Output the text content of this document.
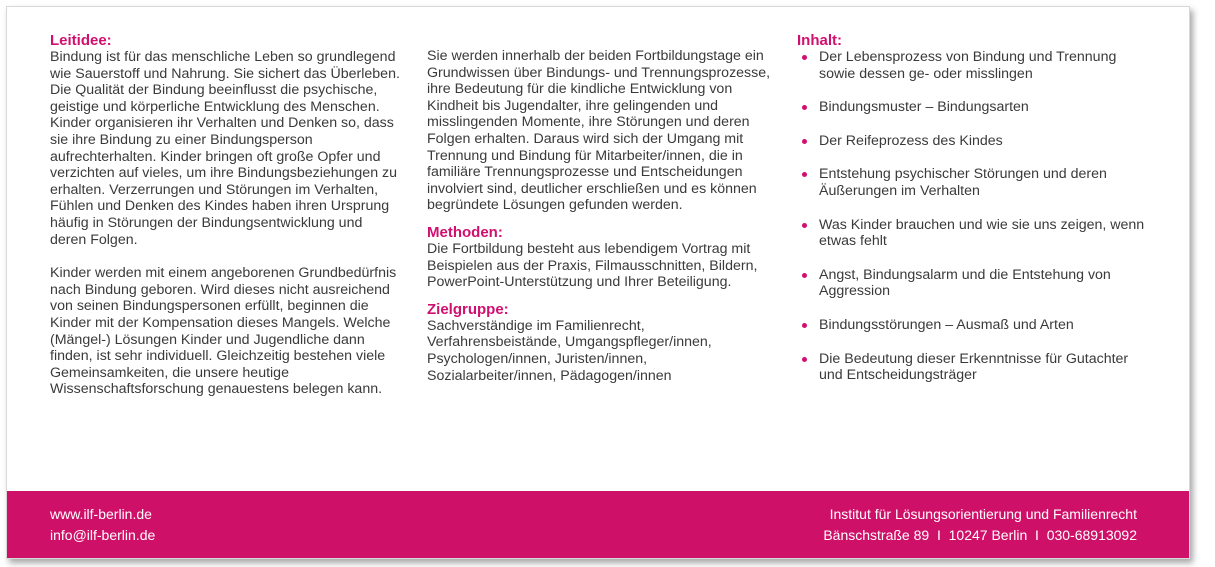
Leitidee:

Bindung ist für das menschliche Leben so grundlegend wie Sauerstoff und Nahrung. Sie sichert das Überleben. Die Qualität der Bindung beeinflusst die psychische, geistige und körperliche Entwicklung des Menschen. Kinder organisieren ihr Verhalten und Denken so, dass sie ihre Bindung zu einer Bindungsperson aufrechterhalten. Kinder bringen oft große Opfer und verzichten auf vieles, um ihre Bindungsbeziehungen zu erhalten. Verzerrungen und Störungen im Verhalten, Fühlen und Denken des Kindes haben ihren Ursprung häufig in Störungen der Bindungsentwicklung und deren Folgen.

Kinder werden mit einem angeborenen Grundbedürfnis nach Bindung geboren. Wird dieses nicht ausreichend von seinen Bindungspersonen erfüllt, beginnen die Kinder mit der Kompensation dieses Mangels. Welche (Mängel-) Lösungen Kinder und Jugendliche dann finden, ist sehr individuell. Gleichzeitig bestehen viele Gemeinsamkeiten, die unsere heutige Wissenschaftsforschung genauestens belegen kann.

Sie werden innerhalb der beiden Fortbildungstage ein Grundwissen über Bindungs- und Trennungsprozesse, ihre Bedeutung für die kindliche Entwicklung von Kindheit bis Jugendalter, ihre gelingenden und misslingenden Momente, ihre Störungen und deren Folgen erhalten. Daraus wird sich der Umgang mit Trennung und Bindung für Mitarbeiter/innen, die in familiäre Trennungsprozesse und Entscheidungen involviert sind, deutlicher erschließen und es können begründete Lösungen gefunden werden.

Methoden:

Die Fortbildung besteht aus lebendigem Vortrag mit Beispielen aus der Praxis, Filmausschnitten, Bildern, PowerPoint-Unterstützung und Ihrer Beteiligung.

Zielgruppe:

Sachverständige im Familienrecht, Verfahrensbeistände, Umgangspfleger/innen, Psychologen/innen, Juristen/innen, Sozialarbeiter/innen, Pädagogen/innen

Inhalt:
Der Lebensprozess von Bindung und Trennung sowie dessen ge- oder misslingen
Bindungsmuster – Bindungsarten
Der Reifeprozess des Kindes
Entstehung psychischer Störungen und deren Äußerungen im Verhalten
Was Kinder brauchen und wie sie uns zeigen, wenn etwas fehlt
Angst, Bindungsalarm und die Entstehung von Aggression
Bindungsstörungen – Ausmaß und Arten
Die Bedeutung dieser Erkenntnisse für Gutachter und Entscheidungsträger
www.ilf-berlin.de
info@ilf-berlin.de
Institut für Lösungsorientierung und Familienrecht
Bänschstraße 89  I  10247 Berlin  I  030-68913092
